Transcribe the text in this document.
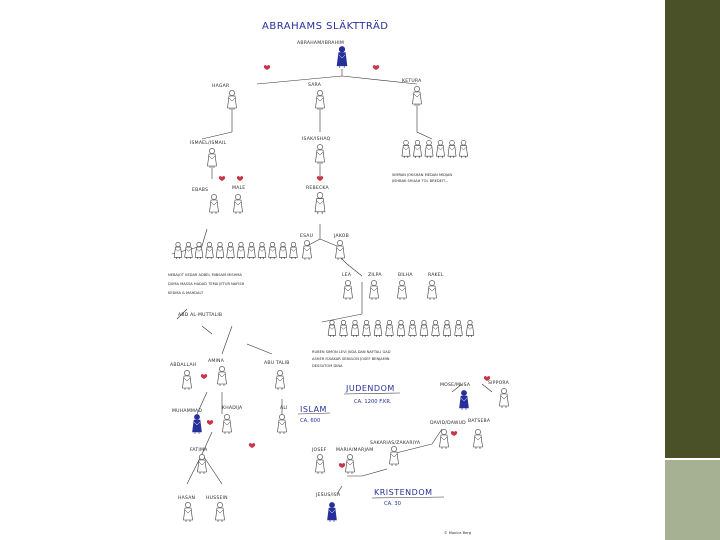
ABRAHAMS SLÄKTTRÄD
ABRAHAM/IBRAHIM
HAGAR	SARA
KETURA
ISMAEL/ISMAIL
ISAK/ISHAQ
SIMRAN JOKSHAN MEDAN MIDJAN
JISHBAK SHUAH TOL BREDEIT...
EBABS	MALE	REBECKA
ESAU	JAKOB
NEBAJOT KEDAR ADBEL MIBSAM MISHMA
DUMA MASSA HADAD TEMA JETUR NAFISH
KEDMA & MAHDALT
LEA	ZILPA	BILHA	RAKEL
ABD AL-MUTTALIB
RUBEN SIMON LEVI JUDA DAN NAFTALI GAD
ASHER ISSAKAR SEBULON JOSEF BENJAMIN
DESSUTOM DINA
ABDALLAH
AMINA	ABU TALIB
JUDENDOM
CA. 1200 F.KR.
MOSE/MUSA	SIPPORA
MUHAMMAD
KHADIJA	ALI ISLAM
CA. 600	DAVID/DAWUD BATSEBA
FATIMA	JOSEF MARIA/MARJAM
SAKARIAS/ZAKARIYA
HASAN HUSSEIN
JESUS/ISA	KRISTENDOM
CA. 30
© Monica Berg
